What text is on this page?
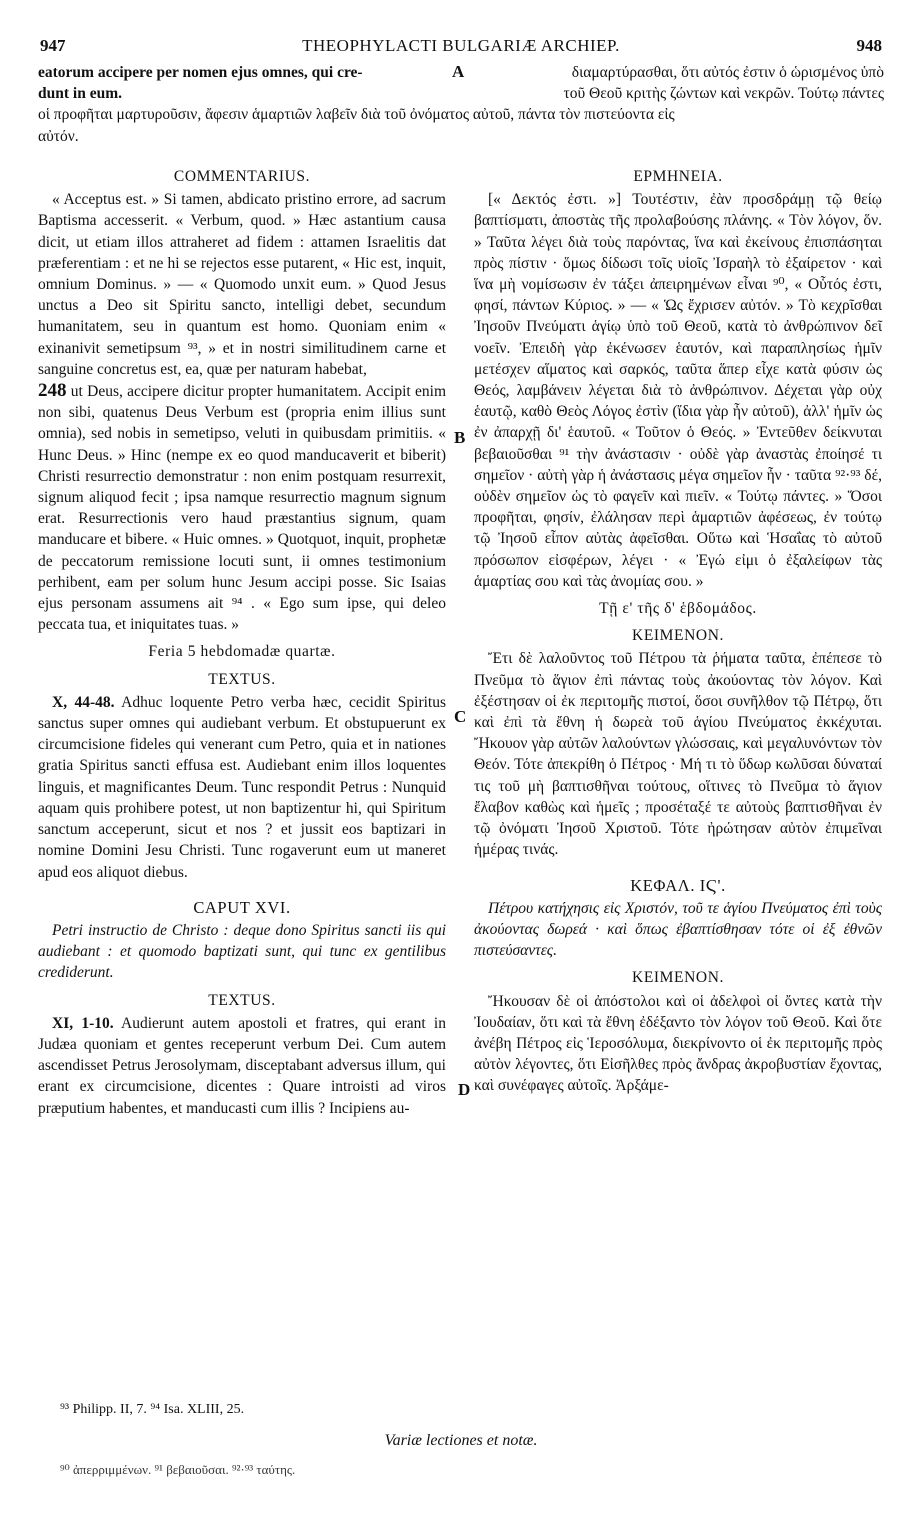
947	THEOPHYLACTI BULGARIÆ ARCHIEP.	948
A
B
C
D
eatorum accipere per nomen ejus omnes, qui cre-	διαμαρτύρασθαι, ὅτι αὐτός ἐστιν ὁ ὡρισμένος ὑπὸ
dunt in eum.	τοῦ Θεοῦ κριτὴς ζώντων καὶ νεκρῶν. Τούτῳ πάντες
οἱ προφῆται μαρτυροῦσιν, ἄφεσιν ἁμαρτιῶν λαβεῖν διὰ τοῦ ὀνόματος αὐτοῦ, πάντα τὸν πιστεύοντα εἰς
αὐτόν.
COMMENTARIUS.

« Acceptus est. » Si tamen, abdicato pristino errore, ad sacrum Baptisma accesserit. « Verbum, quod. » Hæc astantium causa dicit, ut etiam illos attraheret ad fidem : attamen Israelitis dat præferentiam : et ne hi se rejectos esse putarent, « Hic est, inquit, omnium Dominus. » — « Quomodo unxit eum. » Quod Jesus unctus a Deo sit Spiritu sancto, intelligi debet, secundum humanitatem, seu in quantum est homo. Quoniam enim « exinanivit semetipsum ⁹³, » et in nostri similitudinem carne et sanguine concretus est, ea, quæ per naturam habebat,

248 ut Deus, accipere dicitur propter humanitatem. Accipit enim non sibi, quatenus Deus Verbum est (propria enim illius sunt omnia), sed nobis in semetipso, veluti in quibusdam primitiis. « Hunc Deus. » Hinc (nempe ex eo quod manducaverit et biberit) Christi resurrectio demonstratur : non enim postquam resurrexit, signum aliquod fecit ; ipsa namque resurrectio magnum signum erat. Resurrectionis vero haud præstantius signum, quam manducare et bibere. « Huic omnes. » Quotquot, inquit, prophetæ de peccatorum remissione locuti sunt, ii omnes testimonium perhibent, eam per solum hunc Jesum accipi posse. Sic Isaias ejus personam assumens ait ⁹⁴ . « Ego sum ipse, qui deleo peccata tua, et iniquitates tuas. »

Feria 5 hebdomadæ quartæ.
TEXTUS.

X, 44-48. Adhuc loquente Petro verba hæc, cecidit Spiritus sanctus super omnes qui audiebant verbum. Et obstupuerunt ex circumcisione fideles qui venerant cum Petro, quia et in nationes gratia Spiritus sancti effusa est. Audiebant enim illos loquentes linguis, et magnificantes Deum. Tunc respondit Petrus : Nunquid aquam quis prohibere potest, ut non baptizentur hi, qui Spiritum sanctum acceperunt, sicut et nos ? et jussit eos baptizari in nomine Domini Jesu Christi. Tunc rogaverunt eum ut maneret apud eos aliquot diebus.

CAPUT XVI.

Petri instructio de Christo : deque dono Spiritus sancti iis qui audiebant : et quomodo baptizati sunt, qui tunc ex gentilibus crediderunt.

TEXTUS.

XI, 1-10. Audierunt autem apostoli et fratres, qui erant in Judæa quoniam et gentes receperunt verbum Dei. Cum autem ascendisset Petrus Jerosolymam, disceptabant adversus illum, qui erant ex circumcisione, dicentes : Quare introisti ad viros præputium habentes, et manducasti cum illis ? Incipiens au-

ΕΡΜΗΝΕΙΑ.

[« Δεκτός ἐστι. »] Τουτέστιν, ἐὰν προσδράμῃ τῷ θείῳ βαπτίσματι, ἀποστὰς τῆς προλαβούσης πλάνης. « Τὸν λόγον, ὅν. » Ταῦτα λέγει διὰ τοὺς παρόντας, ἵνα καὶ ἐκείνους ἐπισπάσηται πρὸς πίστιν · ὅμως δίδωσι τοῖς υἱοῖς Ἰσραὴλ τὸ ἐξαίρετον · καὶ ἵνα μὴ νομίσωσιν ἐν τάξει ἀπειρημένων εἶναι ⁹⁰, « Οὗτός ἐστι, φησί, πάντων Κύριος. » — « Ὡς ἔχρισεν αὐτόν. » Τὸ κεχρῖσθαι Ἰησοῦν Πνεύματι ἁγίῳ ὑπὸ τοῦ Θεοῦ, κατὰ τὸ ἀνθρώπινον δεῖ νοεῖν. Ἐπειδὴ γὰρ ἐκένωσεν ἑαυτόν, καὶ παραπλησίως ἡμῖν μετέσχεν αἵματος καὶ σαρκός, ταῦτα ἅπερ εἶχε κατὰ φύσιν ὡς Θεός, λαμβάνειν λέγεται διὰ τὸ ἀνθρώπινον. Δέχεται γὰρ οὐχ ἑαυτῷ, καθὸ Θεὸς Λόγος ἐστὶν (ἴδια γὰρ ἦν αὐτοῦ), ἀλλ' ἡμῖν ὡς ἐν ἀπαρχῇ δι' ἑαυτοῦ. « Τοῦτον ὁ Θεός. » Ἐντεῦθεν δείκνυται βεβαιοῦσθαι ⁹¹ τὴν ἀνάστασιν · οὐδὲ γὰρ ἀναστὰς ἐποίησέ τι σημεῖον · αὐτὴ γὰρ ἡ ἀνάστασις μέγα σημεῖον ἦν · ταῦτα ⁹²·⁹³ δέ, οὐδὲν σημεῖον ὡς τὸ φαγεῖν καὶ πιεῖν. « Τούτῳ πάντες. » Ὅσοι προφῆται, φησίν, ἐλάλησαν περὶ ἁμαρτιῶν ἀφέσεως, ἐν τούτῳ τῷ Ἰησοῦ εἶπον αὐτὰς ἀφεῖσθαι. Οὕτω καὶ Ἡσαΐας τὸ αὐτοῦ πρόσωπον εἰσφέρων, λέγει · « Ἐγώ εἰμι ὁ ἐξαλείφων τὰς ἁμαρτίας σου καὶ τὰς ἀνομίας σου. »

Τῇ ε' τῆς δ' ἑβδομάδος.
ΚΕΙΜΕΝΟΝ.

Ἔτι δὲ λαλοῦντος τοῦ Πέτρου τὰ ῥήματα ταῦτα, ἐπέπεσε τὸ Πνεῦμα τὸ ἅγιον ἐπὶ πάντας τοὺς ἀκούοντας τὸν λόγον. Καὶ ἐξέστησαν οἱ ἐκ περιτομῆς πιστοί, ὅσοι συνῆλθον τῷ Πέτρῳ, ὅτι καὶ ἐπὶ τὰ ἔθνη ἡ δωρεὰ τοῦ ἁγίου Πνεύματος ἐκκέχυται. Ἤκουον γὰρ αὐτῶν λαλούντων γλώσσαις, καὶ μεγαλυνόντων τὸν Θεόν. Τότε ἀπεκρίθη ὁ Πέτρος · Μή τι τὸ ὕδωρ κωλῦσαι δύναταί τις τοῦ μὴ βαπτισθῆναι τούτους, οἵτινες τὸ Πνεῦμα τὸ ἅγιον ἔλαβον καθὼς καὶ ἡμεῖς ; προσέταξέ τε αὐτοὺς βαπτισθῆναι ἐν τῷ ὀνόματι Ἰησοῦ Χριστοῦ. Τότε ἠρώτησαν αὐτὸν ἐπιμεῖναι ἡμέρας τινάς.

ΚΕΦΑΛ. ΙϚ'.

Πέτρου κατήχησις εἰς Χριστόν, τοῦ τε ἁγίου Πνεύματος ἐπὶ τοὺς ἀκούοντας δωρεά · καὶ ὅπως ἐβαπτίσθησαν τότε οἱ ἐξ ἐθνῶν πιστεύσαντες.

ΚΕΙΜΕΝΟΝ.

Ἤκουσαν δὲ οἱ ἀπόστολοι καὶ οἱ ἀδελφοὶ οἱ ὄντες κατὰ τὴν Ἰουδαίαν, ὅτι καὶ τὰ ἔθνη ἐδέξαντο τὸν λόγον τοῦ Θεοῦ. Καὶ ὅτε ἀνέβη Πέτρος εἰς Ἱεροσόλυμα, διεκρίνοντο οἱ ἐκ περιτομῆς πρὸς αὐτὸν λέγοντες, ὅτι Εἰσῆλθες πρὸς ἄνδρας ἀκροβυστίαν ἔχοντας, καὶ συνέφαγες αὐτοῖς. Ἀρξάμε-

⁹³ Philipp. II, 7. ⁹⁴ Isa. XLIII, 25.
Variæ lectiones et notæ.
⁹⁰ ἀπερριμμένων. ⁹¹ βεβαιοῦσαι. ⁹²·⁹³ ταύτης.
